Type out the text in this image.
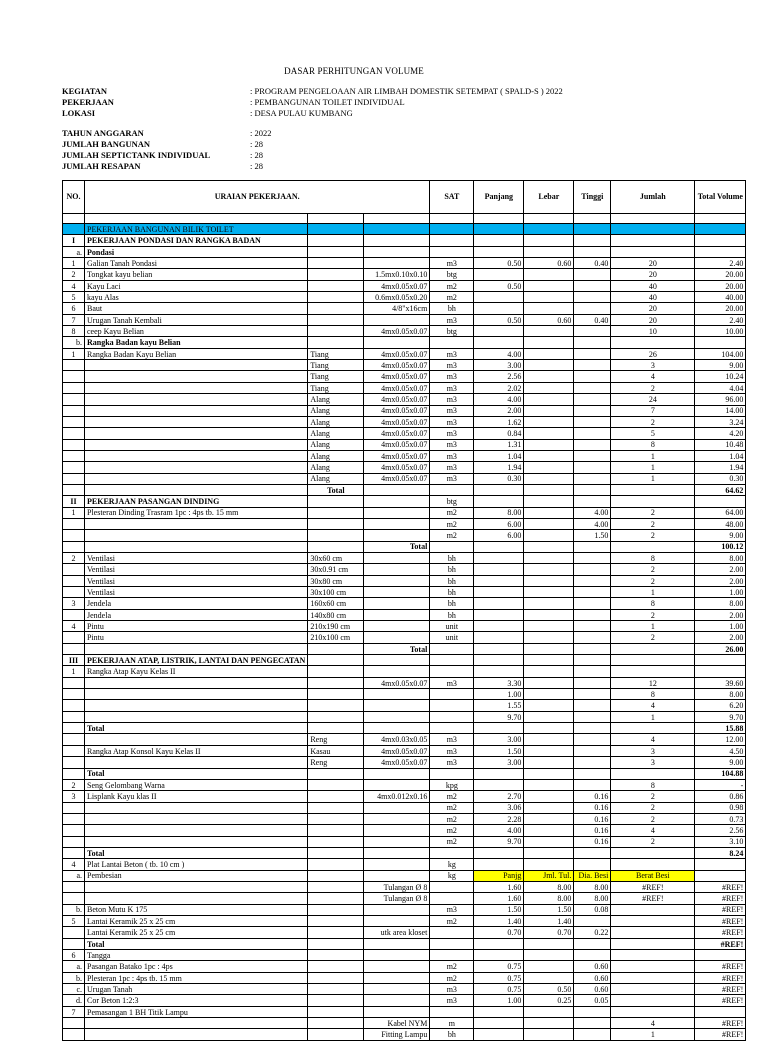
DASAR PERHITUNGAN VOLUME
KEGIATAN	: PROGRAM PENGELOAAN AIR LIMBAH DOMESTIK SETEMPAT ( SPALD-S ) 2022
PEKERJAAN	: PEMBANGUNAN TOILET INDIVIDUAL
LOKASI	: DESA PULAU KUMBANG
TAHUN ANGGARAN	: 2022
JUMLAH BANGUNAN	: 28
JUMLAH SEPTICTANK INDIVIDUAL	: 28
JUMLAH RESAPAN	: 28
NO.	URAIAN PEKERJAAN.			SAT	Panjang	Lebar	Tinggi	Jumlah	Total Volume

	PEKERJAAN BANGUNAN BILIK TOILET								
I	PEKERJAAN PONDASI DAN RANGKA BADAN								
a.	Pondasi								
1	Galian Tanah Pondasi			m3	0.50	0.60	0.40	20	2.40
2	Tongkat kayu belian		1.5mx0.10x0.10	btg				20	20.00
4	Kayu Laci		4mx0.05x0.07	m2	0.50			40	20.00
5	kayu Alas		0.6mx0.05x0.20	m2				40	40.00
6	Baut		4/8"x16cm	bh				20	20.00
7	Urugan Tanah Kembali			m3	0.50	0.60	0.40	20	2.40
8	ceep Kayu Belian		4mx0.05x0.07	btg				10	10.00
b.	Rangka Badan kayu Belian								
1	Rangka Badan Kayu Belian	Tiang	4mx0.05x0.07	m3	4.00			26	104.00
		Tiang	4mx0.05x0.07	m3	3.00			3	9.00
		Tiang	4mx0.05x0.07	m3	2.56			4	10.24
		Tiang	4mx0.05x0.07	m3	2.02			2	4.04
		Alang	4mx0.05x0.07	m3	4.00			24	96.00
		Alang	4mx0.05x0.07	m3	2.00			7	14.00
		Alang	4mx0.05x0.07	m3	1.62			2	3.24
		Alang	4mx0.05x0.07	m3	0.84			5	4.20
		Alang	4mx0.05x0.07	m3	1.31			8	10.48
		Alang	4mx0.05x0.07	m3	1.04			1	1.04
		Alang	4mx0.05x0.07	m3	1.94			1	1.94
		Alang	4mx0.05x0.07	m3	0.30			1	0.30
		Total							64.62
II	PEKERJAAN PASANGAN DINDING			btg					
1	Plesteran Dinding Trasram 1pc : 4ps tb. 15 mm			m2	8.00		4.00	2	64.00
				m2	6.00		4.00	2	48.00
				m2	6.00		1.50	2	9.00
			Total						100.12
2	Ventilasi	30x60 cm		bh				8	8.00
	Ventilasi	30x0.91 cm		bh				2	2.00
	Ventilasi	30x80 cm		bh				2	2.00
	Ventilasi	30x100 cm		bh				1	1.00
3	Jendela	160x60 cm		bh				8	8.00
	Jendela	140x80 cm		bh				2	2.00
4	Pintu	210x190 cm		unit				1	1.00
	Pintu	210x100 cm		unit				2	2.00
			Total						26.00
III	PEKERJAAN ATAP, LISTRIK, LANTAI DAN PENGECATAN								
1	Rangka Atap Kayu Kelas II								
			4mx0.05x0.07	m3	3.30			12	39.60
					1.00			8	8.00
					1.55			4	6.20
					9.70			1	9.70
	Total								15.88
		Reng	4mx0.03x0.05	m3	3.00			4	12.00
	Rangka Atap Konsol Kayu Kelas II	Kasau	4mx0.05x0.07	m3	1.50			3	4.50
		Reng	4mx0.05x0.07	m3	3.00			3	9.00
	Total								104.88
2	Seng Gelombang Warna			kpg				8	-
3	Lisplank Kayu klas II		4mx0.012x0.16	m2	2.70		0.16	2	0.86
				m2	3.06		0.16	2	0.98
				m2	2.28		0.16	2	0.73
				m2	4.00		0.16	4	2.56
				m2	9.70		0.16	2	3.10
	Total								8.24
4	Plat Lantai Beton ( tb. 10 cm )			kg					
a.	Pembesian			kg	Panjg	Jml. Tul.	Dia. Besi	Berat Besi	
			Tulangan Ø 8		1.60	8.00	8.00	#REF!	#REF!
			Tulangan Ø 8		1.60	8.00	8.00	#REF!	#REF!
b.	Beton Mutu K 175			m3	1.50	1.50	0.08		#REF!
5	Lantai Keramik 25 x 25 cm			m2	1.40	1.40			#REF!
	Lantai Keramik 25 x 25 cm		utk area kloset		0.70	0.70	0.22		#REF!
	Total								#REF!
6	Tangga								
a.	Pasangan Batako 1pc : 4ps			m2	0.75		0.60		#REF!
b.	Plesteran 1pc : 4ps tb. 15 mm			m2	0.75		0.60		#REF!
c.	Urugan Tanah			m3	0.75	0.50	0.60		#REF!
d.	Cor Beton 1:2:3			m3	1.00	0.25	0.05		#REF!
7	Pemasangan 1 BH Titik Lampu								
			Kabel NYM	m				4	#REF!
			Fitting Lampu	bh				1	#REF!
